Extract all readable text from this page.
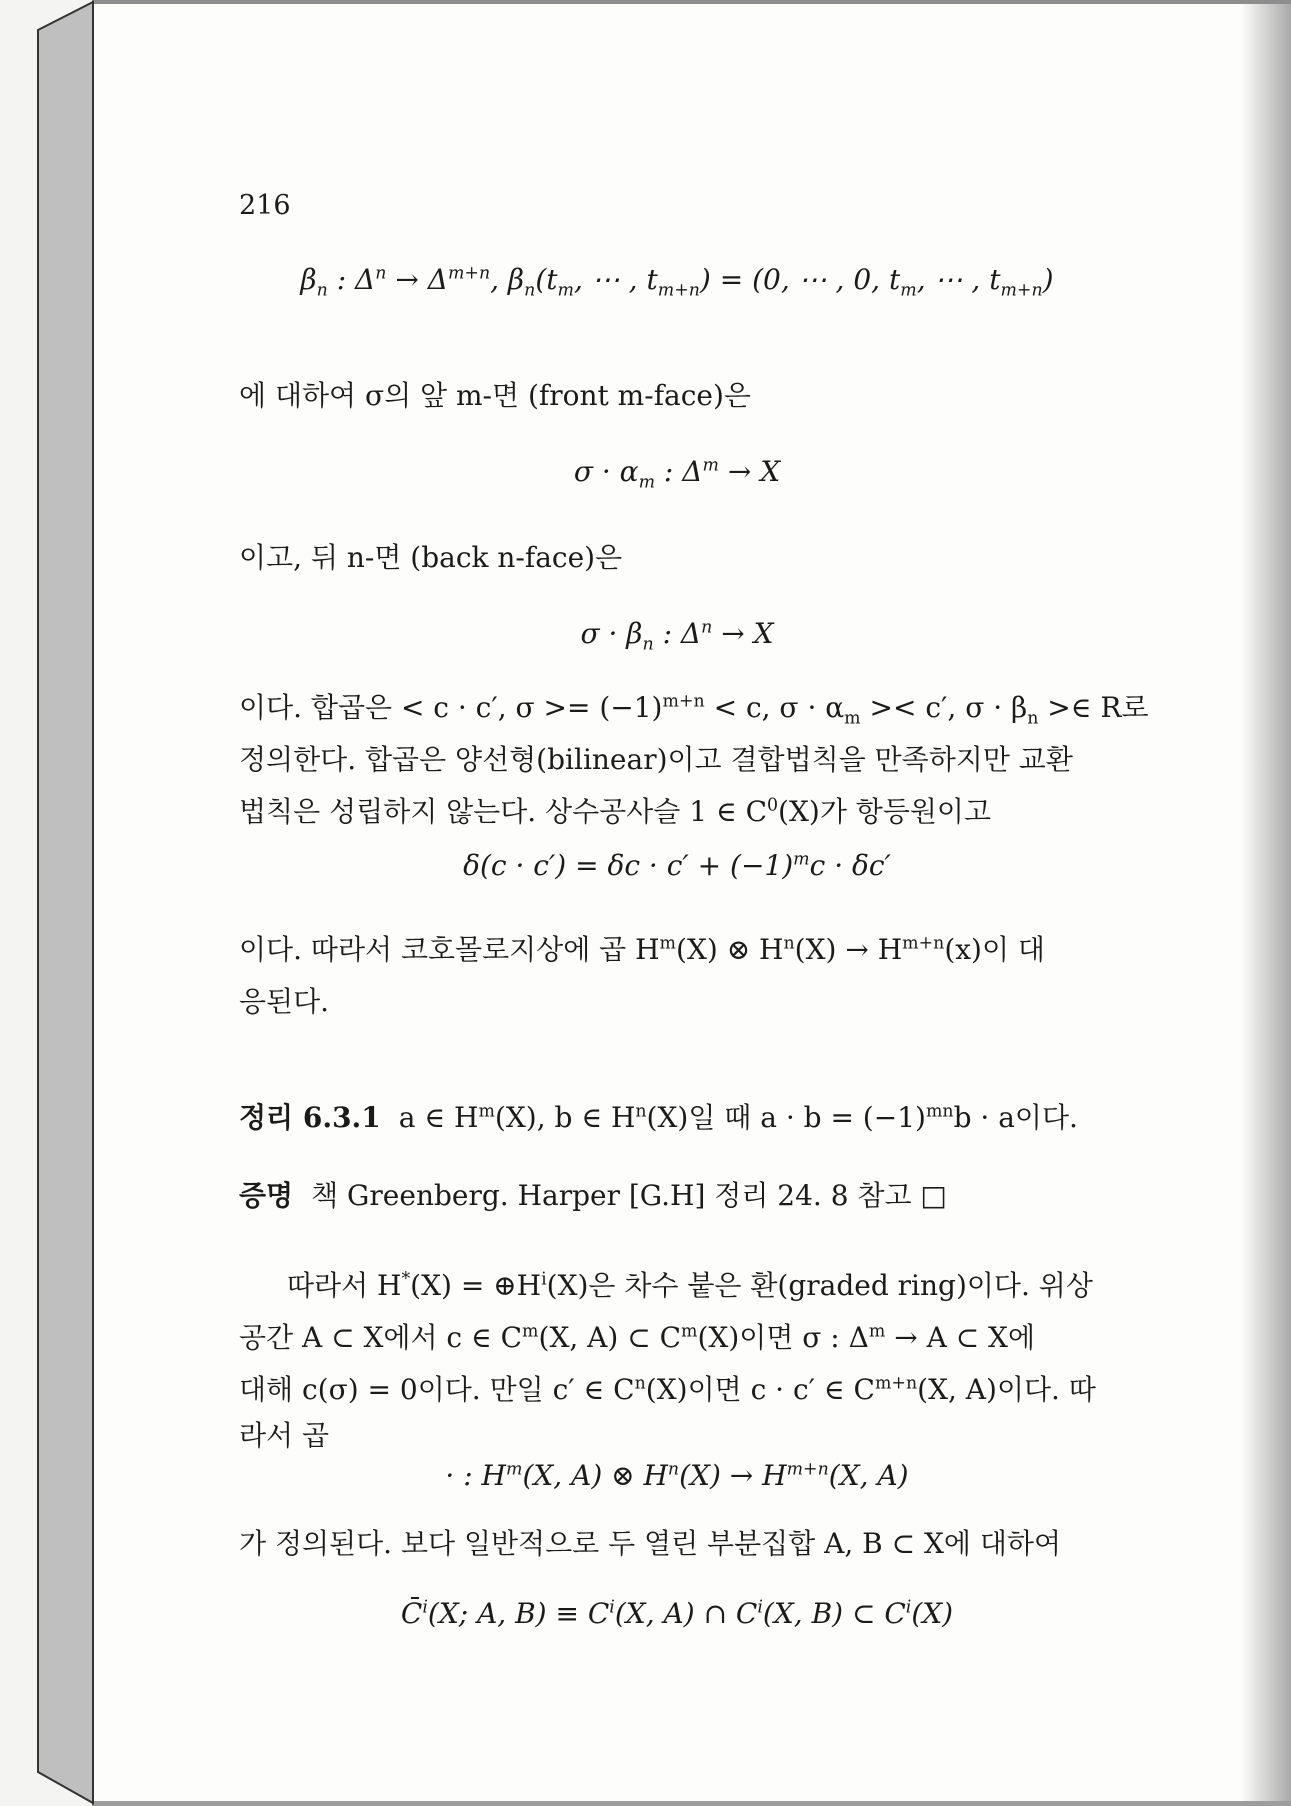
216
$\beta_n$ : $\Delta^n \to \Delta^{m+n}$, $\beta_n(t_m$, ⋯ , $t_{m+n}) = (0$, ⋯ , 0, $t_m$, ⋯ , $t_{m+n}$)
에 대하여 σ의 앞 m-면 (front m-face)은
$\sigma \cdot \alpha_m$ : $\Delta^m \to X$
이고, 뒤 n-면 (back n-face)은
$\sigma \cdot \beta_n$ : $\Delta^n \to X$
이다. 합곱은 < c · c′, $\sigma >= (-1)^{m+n} < c$, $\sigma \cdot \alpha_m >< c'$, $\sigma \cdot \beta_n$ >∈ R로
정의한다. 합곱은 양선형(bilinear)이고 결합법칙을 만족하지만 교환
법칙은 성립하지 않는다. 상수공사슬 1 ∈ $C^0(X)$가 항등원이고
$\delta(c \cdot c') = \delta c \cdot c' + (-1)^mc \cdot \delta c'$
이다. 따라서 코호몰로지상에 곱 $H^m(X)$ ⊗ $H^n(X) \to H^{m+n}(x)$이 대
응된다.
정리 6.3.1 a ∈ $H^m(X)$, b ∈ $H^n(X)$일 때 $a \cdot b = (-1)^{mn}b \cdot a$이다.
증명 책 Greenberg. Harper [G.H] 정리 24. 8 참고 □
따라서 $H^*(X) = \oplus H^i(X)$은 차수 붙은 환(graded ring)이다. 위상
공간 A ⊂ X에서 c ∈ $C^m(X$, A) ⊂ $C^m(X)$이면 σ : $\Delta^m \to A$ ⊂ X에
대해 c(σ) = 0이다. 만일 c′ ∈ $C^n(X)$이면 c · c′ ∈ $C^{m+n}(X$, A)이다. 따
라서 곱
· : $H^m(X$, A) ⊗ $H^n(X) \to H^{m+n}(X$, A)
가 정의된다. 보다 일반적으로 두 열린 부분집합 A, B ⊂ X에 대하여
C̄$^i$(X; A, $B) \equiv C^i(X$, A) ∩ $C^i(X$, B) ⊂ $C^i(X)$
